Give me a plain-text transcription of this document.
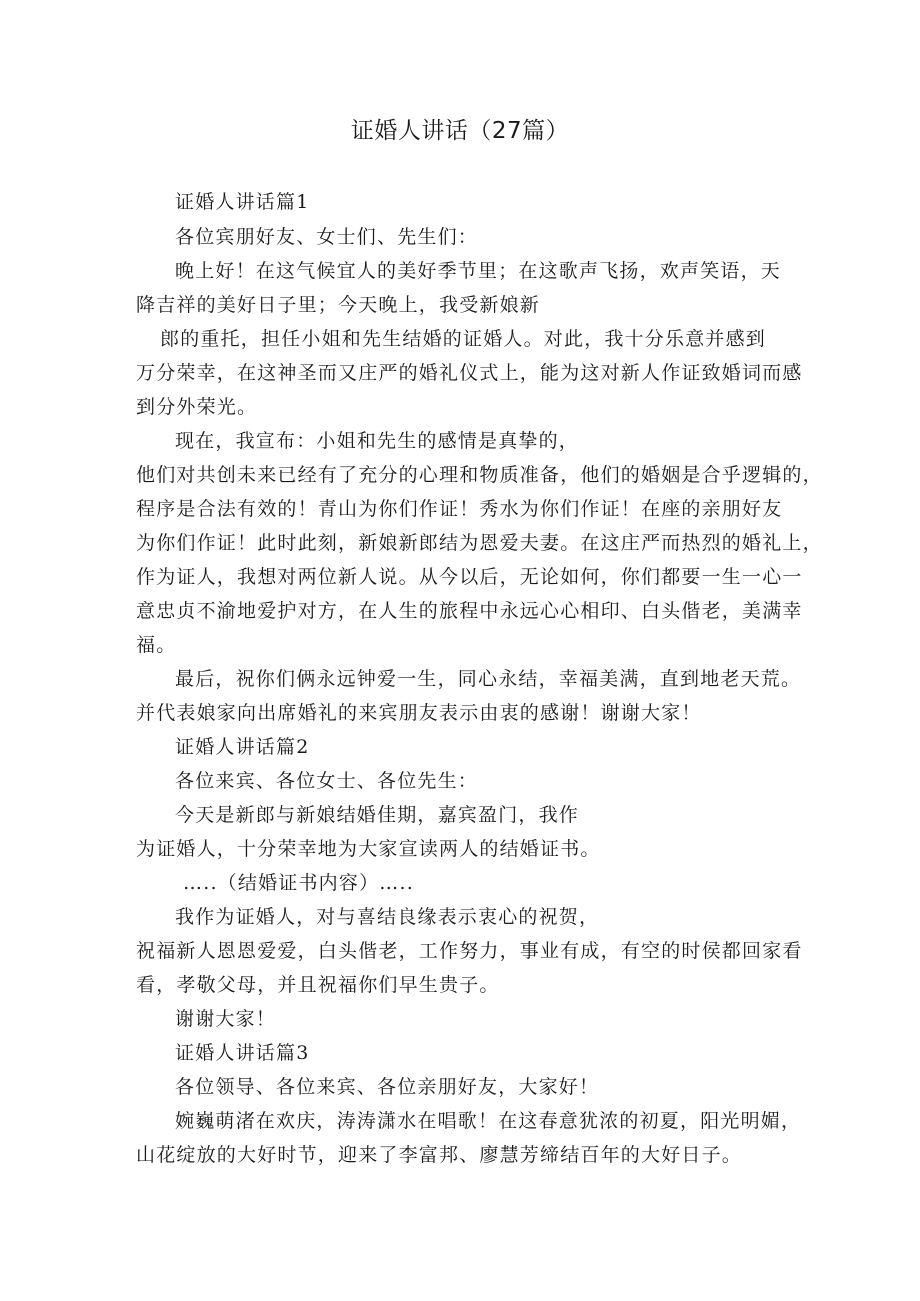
证婚人讲话（27篇）
证婚人讲话篇1
各位宾朋好友、女士们、先生们：
晚上好！在这气候宜人的美好季节里；在这歌声飞扬，欢声笑语，天
降吉祥的美好日子里；今天晚上，我受新娘新
郎的重托，担任小姐和先生结婚的证婚人。对此，我十分乐意并感到
万分荣幸，在这神圣而又庄严的婚礼仪式上，能为这对新人作证致婚词而感
到分外荣光。
现在，我宣布：小姐和先生的感情是真挚的，
他们对共创未来已经有了充分的心理和物质准备，他们的婚姻是合乎逻辑的，
程序是合法有效的！青山为你们作证！秀水为你们作证！在座的亲朋好友
为你们作证！此时此刻，新娘新郎结为恩爱夫妻。在这庄严而热烈的婚礼上，
作为证人，我想对两位新人说。从今以后，无论如何，你们都要一生一心一
意忠贞不渝地爱护对方，在人生的旅程中永远心心相印、白头偕老，美满幸
福。
最后，祝你们俩永远钟爱一生，同心永结，幸福美满，直到地老天荒。
并代表娘家向出席婚礼的来宾朋友表示由衷的感谢！谢谢大家！
证婚人讲话篇2
各位来宾、各位女士、各位先生：
今天是新郎与新娘结婚佳期，嘉宾盈门，我作
为证婚人，十分荣幸地为大家宣读两人的结婚证书。
…..（结婚证书内容）…..
我作为证婚人，对与喜结良缘表示衷心的祝贺，
祝福新人恩恩爱爱，白头偕老，工作努力，事业有成，有空的时侯都回家看
看，孝敬父母，并且祝福你们早生贵子。
谢谢大家！
证婚人讲话篇3
各位领导、各位来宾、各位亲朋好友，大家好！
婉巍萌渚在欢庆，涛涛潇水在唱歌！在这春意犹浓的初夏，阳光明媚，
山花绽放的大好时节，迎来了李富邦、廖慧芳缔结百年的大好日子。
